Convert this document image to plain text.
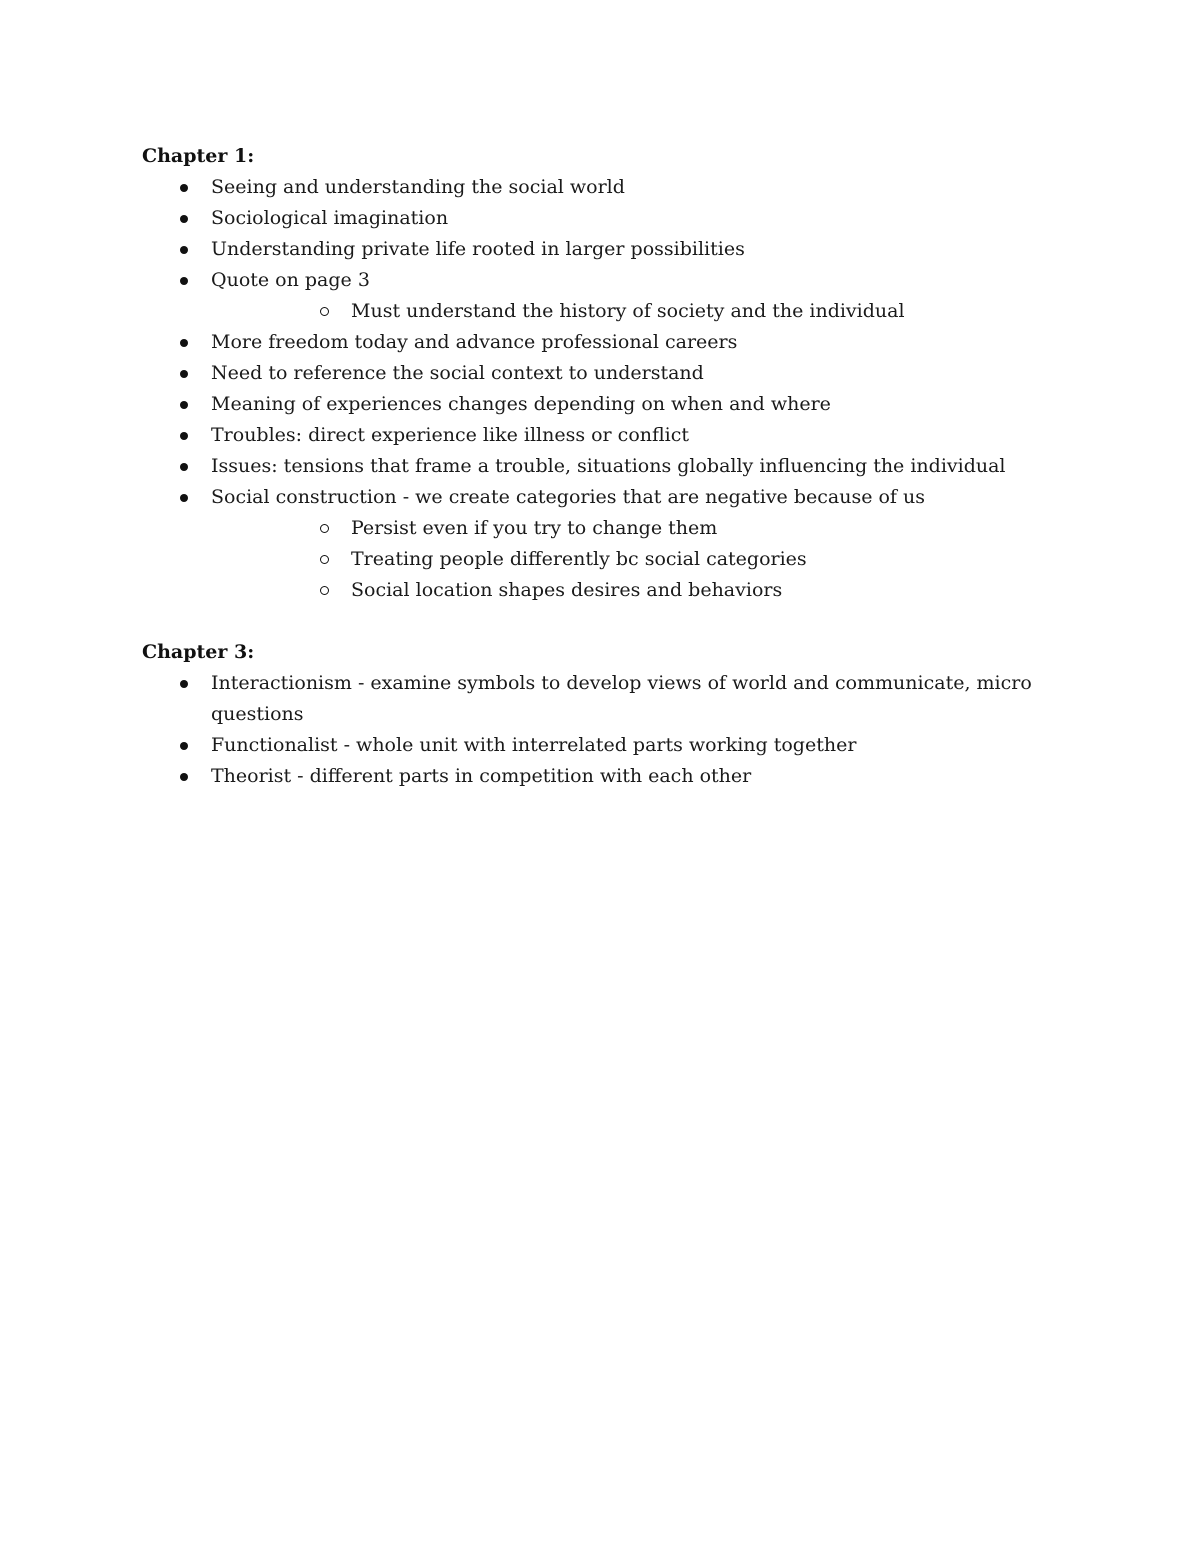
Chapter 1:
Seeing and understanding the social world
Sociological imagination
Understanding private life rooted in larger possibilities
Quote on page 3
Must understand the history of society and the individual
More freedom today and advance professional careers
Need to reference the social context to understand
Meaning of experiences changes depending on when and where
Troubles: direct experience like illness or conflict
Issues: tensions that frame a trouble, situations globally influencing the individual
Social construction - we create categories that are negative because of us
Persist even if you try to change them
Treating people differently bc social categories
Social location shapes desires and behaviors
Chapter 3:
Interactionism - examine symbols to develop views of world and communicate, micro questions
Functionalist - whole unit with interrelated parts working together
Theorist - different parts in competition with each other
